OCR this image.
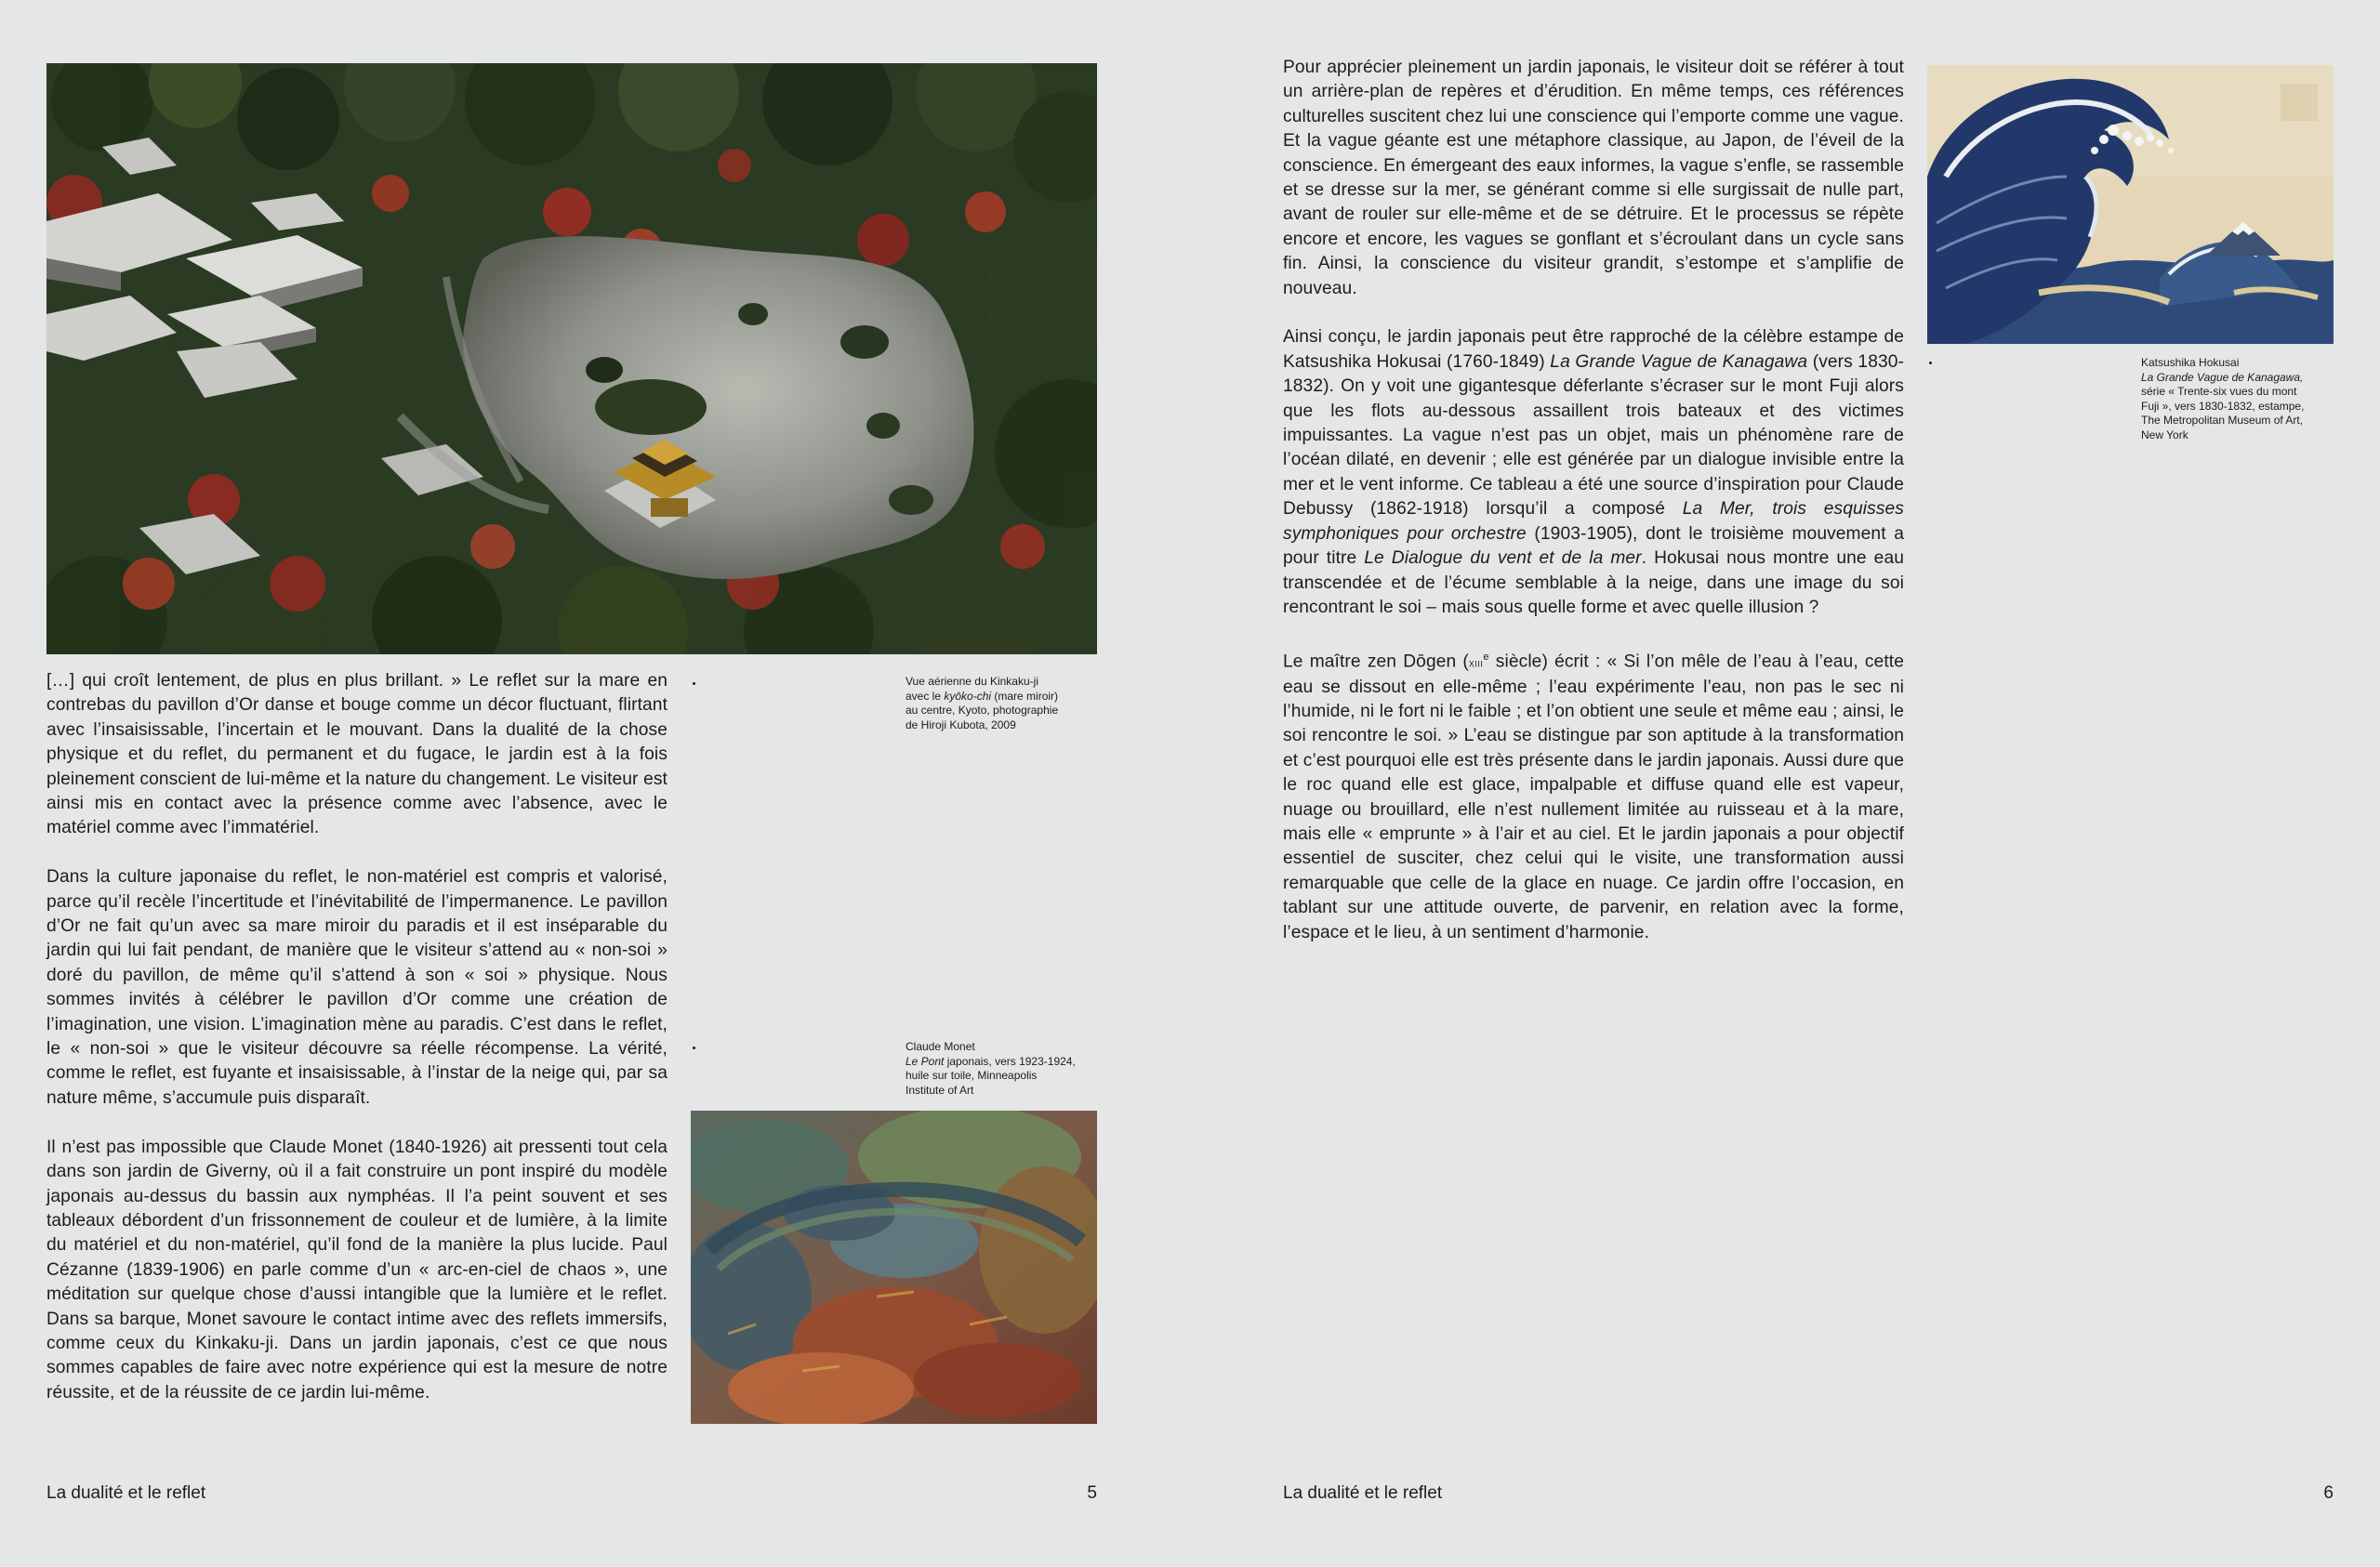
Vue aérienne du Kinkaku-ji
avec le kyōko-chi (mare miroir)
au centre, Kyoto, photographie
de Hiroji Kubota, 2009

[…] qui croît lentement, de plus en plus brillant. » Le reflet sur la mare en contrebas du pavillon d’Or danse et bouge comme un décor fluctuant, flirtant avec l’insaisissable, l’incertain et le mouvant. Dans la dualité de la chose physique et du reflet, du permanent et du fugace, le jardin est à la fois pleinement conscient de lui-même et la nature du changement. Le visiteur est ainsi mis en contact avec la présence comme avec l’absence, avec le matériel comme avec l’immatériel.

Dans la culture japonaise du reflet, le non-matériel est compris et valorisé, parce qu’il recèle l’incertitude et l’inévitabilité de l’impermanence. Le pavillon d’Or ne fait qu’un avec sa mare miroir du paradis et il est inséparable du jardin qui lui fait pendant, de manière que le visiteur s’attend au « non-soi » doré du pavillon, de même qu’il s’attend à son « soi » physique. Nous sommes invités à célébrer le pavillon d’Or comme une création de l’imagination, une vision. L’imagination mène au paradis. C’est dans le reflet, le « non-soi » que le visiteur découvre sa réelle récompense. La vérité, comme le reflet, est fuyante et insaisissable, à l’instar de la neige qui, par sa nature même, s’accumule puis disparaît.

Il n’est pas impossible que Claude Monet (1840-1926) ait pressenti tout cela dans son jardin de Giverny, où il a fait construire un pont inspiré du modèle japonais au-dessus du bassin aux nymphéas. Il l’a peint souvent et ses tableaux débordent d’un frissonnement de couleur et de lumière, à la limite du matériel et du non-matériel, qu’il fond de la manière la plus lucide. Paul Cézanne (1839-1906) en parle comme d’un « arc-en-ciel de chaos », une méditation sur quelque chose d’aussi intangible que la lumière et le reflet. Dans sa barque, Monet savoure le contact intime avec des reflets immersifs, comme ceux du Kinkaku-ji. Dans un jardin japonais, c’est ce que nous sommes capables de faire avec notre expérience qui est la mesure de notre réussite, et de la réussite de ce jardin lui-même.

Claude Monet
Le Pont japonais, vers 1923-1924,
huile sur toile, Minneapolis
Institute of Art
La dualité et le reflet	5

Pour apprécier pleinement un jardin japonais, le visiteur doit se référer à tout un arrière-plan de repères et d’érudition. En même temps, ces références culturelles suscitent chez lui une conscience qui l’emporte comme une vague. Et la vague géante est une métaphore classique, au Japon, de l’éveil de la conscience. En émergeant des eaux informes, la vague s’enfle, se rassemble et se dresse sur la mer, se générant comme si elle surgissait de nulle part, avant de rouler sur elle-même et de se détruire. Et le processus se répète encore et encore, les vagues se gonflant et s’écroulant dans un cycle sans fin. Ainsi, la conscience du visiteur grandit, s’estompe et s’amplifie de nouveau.

Ainsi conçu, le jardin japonais peut être rapproché de la célèbre estampe de Katsushika Hokusai (1760-1849) La Grande Vague de Kanagawa (vers 1830-1832). On y voit une gigantesque déferlante s’écraser sur le mont Fuji alors que les flots au-dessous assaillent trois bateaux et des victimes impuissantes. La vague n’est pas un objet, mais un phénomène rare de l’océan dilaté, en devenir ; elle est générée par un dialogue invisible entre la mer et le vent informe. Ce tableau a été une source d’inspiration pour Claude Debussy (1862-1918) lorsqu’il a composé La Mer, trois esquisses symphoniques pour orchestre (1903-1905), dont le troisième mouvement a pour titre Le Dialogue du vent et de la mer. Hokusai nous montre une eau transcendée et de l’écume semblable à la neige, dans une image du soi rencontrant le soi – mais sous quelle forme et avec quelle illusion ?

Le maître zen Dōgen (xiii$^e$ siècle) écrit : « Si l’on mêle de l’eau à l’eau, cette eau se dissout en elle-même ; l’eau expérimente l’eau, non pas le sec ni l’humide, ni le fort ni le faible ; et l’on obtient une seule et même eau ; ainsi, le soi rencontre le soi. » L’eau se distingue par son aptitude à la transformation et c’est pourquoi elle est très présente dans le jardin japonais. Aussi dure que le roc quand elle est glace, impalpable et diffuse quand elle est vapeur, nuage ou brouillard, elle n’est nullement limitée au ruisseau et à la mare, mais elle « emprunte » à l’air et au ciel. Et le jardin japonais a pour objectif essentiel de susciter, chez celui qui le visite, une transformation aussi remarquable que celle de la glace en nuage. Ce jardin offre l’occasion, en tablant sur une attitude ouverte, de parvenir, en relation avec la forme, l’espace et le lieu, à un sentiment d’harmonie.

Katsushika Hokusai
La Grande Vague de Kanagawa,
série « Trente-six vues du mont
Fuji », vers 1830-1832, estampe,
The Metropolitan Museum of Art,
New York
La dualité et le reflet	6
